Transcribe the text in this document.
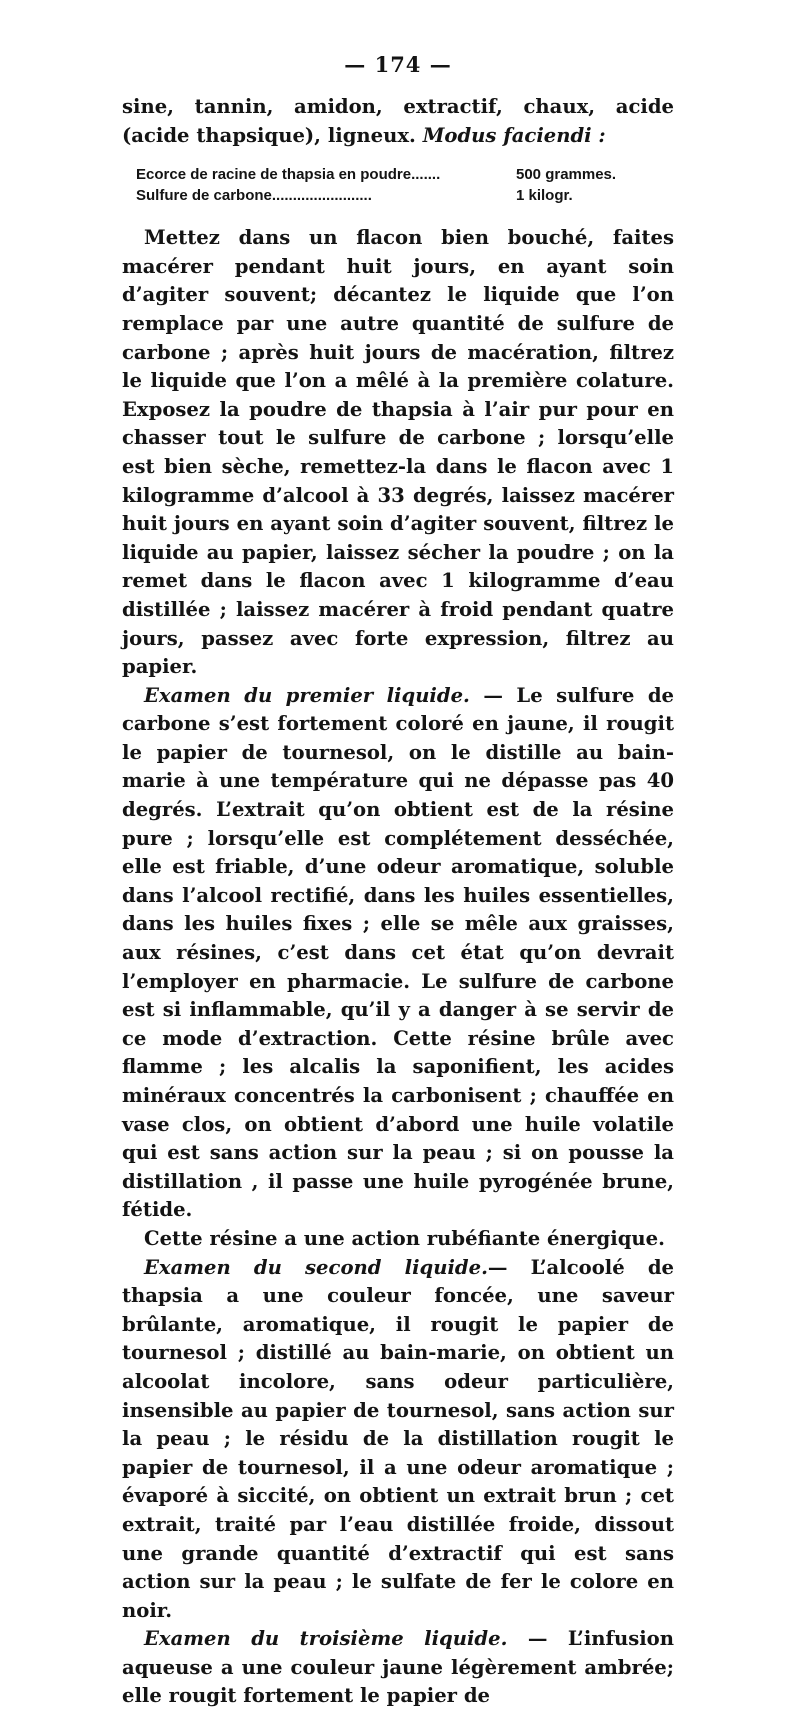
— 174 —

sine, tannin, amidon, extractif, chaux, acide (acide thapsique), ligneux. Modus faciendi :

Ecorce de racine de thapsia en poudre.......	500 grammes.
Sulfure de carbone........................	1 kilogr.

Mettez dans un flacon bien bouché, faites macérer pendant huit jours, en ayant soin d’agiter souvent; décantez le liquide que l’on remplace par une autre quantité de sulfure de carbone ; après huit jours de macération, filtrez le liquide que l’on a mêlé à la première colature. Exposez la poudre de thapsia à l’air pur pour en chasser tout le sulfure de carbone ; lorsqu’elle est bien sèche, remettez-la dans le flacon avec 1 kilogramme d’alcool à 33 degrés, laissez macérer huit jours en ayant soin d’agiter souvent, filtrez le liquide au papier, laissez sécher la poudre ; on la remet dans le flacon avec 1 kilogramme d’eau distillée ; laissez macérer à froid pendant quatre jours, passez avec forte expression, filtrez au papier.

Examen du premier liquide. — Le sulfure de carbone s’est fortement coloré en jaune, il rougit le papier de tournesol, on le distille au bain-marie à une température qui ne dépasse pas 40 degrés. L’extrait qu’on obtient est de la résine pure ; lorsqu’elle est complétement desséchée, elle est friable, d’une odeur aromatique, soluble dans l’alcool rectifié, dans les huiles essentielles, dans les huiles fixes ; elle se mêle aux graisses, aux résines, c’est dans cet état qu’on devrait l’employer en pharmacie. Le sulfure de carbone est si inflammable, qu’il y a danger à se servir de ce mode d’extraction. Cette résine brûle avec flamme ; les alcalis la saponifient, les acides minéraux concentrés la carbonisent ; chauffée en vase clos, on obtient d’abord une huile volatile qui est sans action sur la peau ; si on pousse la distillation , il passe une huile pyrogénée brune, fétide.

Cette résine a une action rubéfiante énergique.

Examen du second liquide.— L’alcoolé de thapsia a une couleur foncée, une saveur brûlante, aromatique, il rougit le papier de tournesol ; distillé au bain-marie, on obtient un alcoolat incolore, sans odeur particulière, insensible au papier de tournesol, sans action sur la peau ; le résidu de la distillation rougit le papier de tournesol, il a une odeur aromatique ; évaporé à siccité, on obtient un extrait brun ; cet extrait, traité par l’eau distillée froide, dissout une grande quantité d’extractif qui est sans action sur la peau ; le sulfate de fer le colore en noir.

Examen du troisième liquide. — L’infusion aqueuse a une couleur jaune légèrement ambrée; elle rougit fortement le papier de
